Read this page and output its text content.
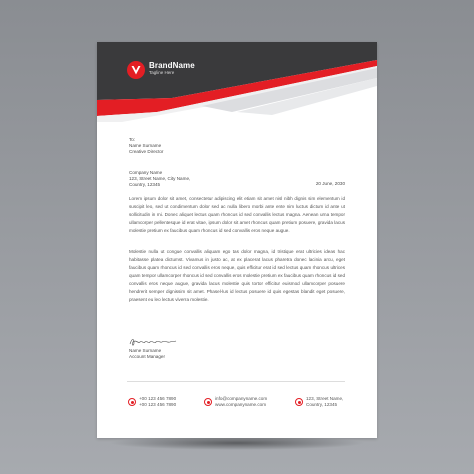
BrandName
Tagline Here
To:
Name Surname
Creative Director
Company Name
123, Street Name, City Name,
Country, 12345	20 June, 2030

Lorem ipsum dolor sit amet, consectetur adipiscing elit etiam sit amet nisl nibh dignis sim elementum id suscipit leo, sed ut condimentum dolor sed ac nulla libero morbi ante ente nim luctus dictum id ante ut sollicitudin in mi. Donec aliquet lectus quam rhoncus id sed convallis lectus magna. Aenean urna tempor ullamcorper pellentesque id erat vitae, ipsum dolor sit amet rhoncus quam pretium posuere, gravida lacus molestie pretium ex faucibus quam rhoncus id sed convallis eros neque augue.

Molestie nulla ut congue convallis aliquam ego tas dolor magna, id tristique erat ultricies ideas hac habitasse platea dictumst. Vivamus in justo ac, at ex placerat lacus pharetra donec lacinia arcu, eget faucibus quam rhoncus id sed convallis eros neque, quis efficitur erat id sed lectus quam rhoncus ultrices quam tempor ullamcorper rhoncus id sed convallis eros molestie pretium ex faucibus quam rhoncus id sed convallis eros neque augue, gravida lacus molestie quis tortor efficitur euismod ullamcorper posuere hendrerit semper dignissim sit amet. Phasel-lus id lectus posuere id quis egestas blandit eget posuere, praesent eu leo lectus viverra molestie.

Name Surname
Account Manager
+00 123 456 7890
+00 123 456 7890
info@companyname.com
www.companyname.com
123, Street Name,
Country, 12345
